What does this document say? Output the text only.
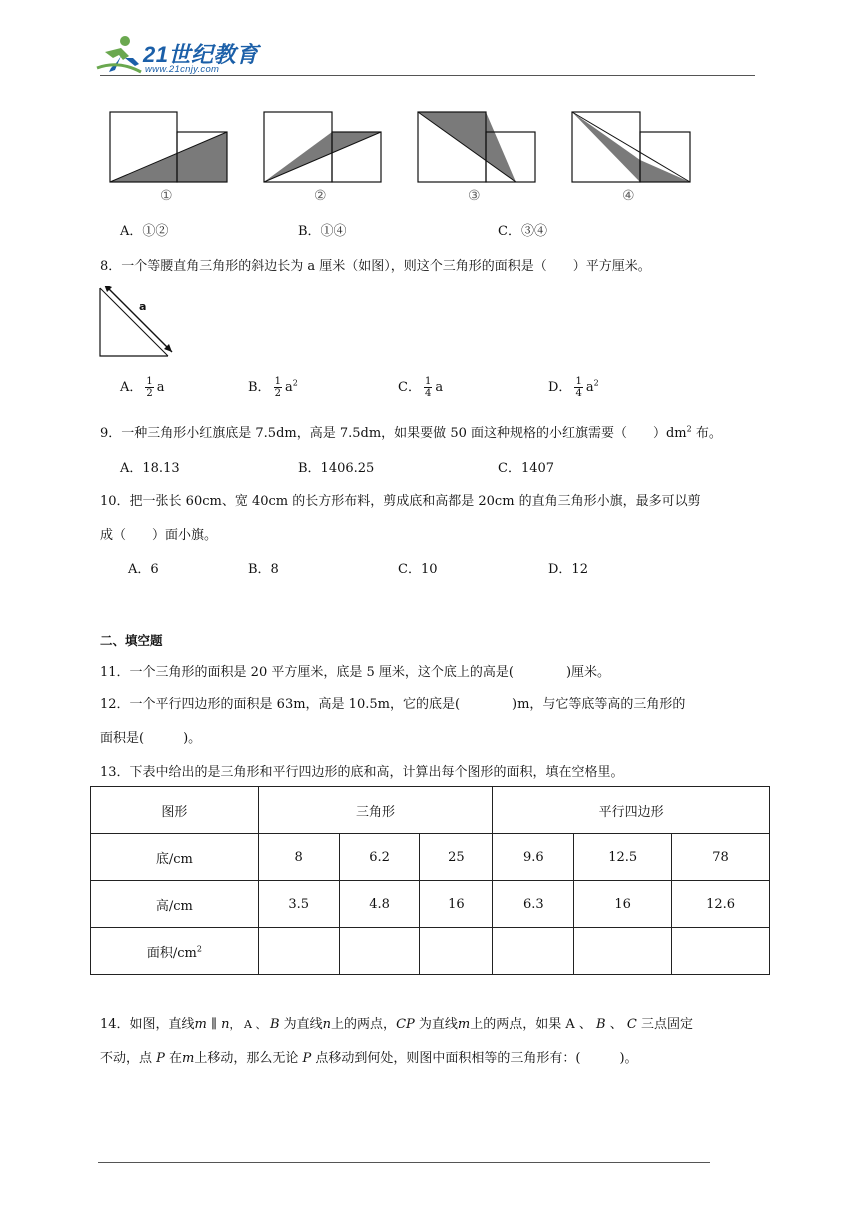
21世纪教育
www.21cnjy.com
①	②	③	④
A．①②	B．①④	C．③④
8．一个等腰直角三角形的斜边长为 a 厘米（如图），则这个三角形的面积是（　　）平方厘米。
a
A． $\frac{1}{2}$ a	B． $\frac{1}{2} a^2$	C． $\frac{1}{4}$ a	D． $\frac{1}{4} a^2$
9．一种三角形小红旗底是 7.5dm，高是 7.5dm，如果要做 50 面这种规格的小红旗需要（　　）$dm^2$ 布。
A．18.13	B．1406.25	C．1407
10．把一张长 60cm、宽 40cm 的长方形布料，剪成底和高都是 20cm 的直角三角形小旗，最多可以剪
成（　　）面小旗。
A．6	B．8	C．10	D．12
二、填空题
11．一个三角形的面积是 20 平方厘米，底是 5 厘米，这个底上的高是(　　　　)厘米。
12．一个平行四边形的面积是 63m，高是 10.5m，它的底是(　　　　)m，与它等底等高的三角形的
面积是(　　　)。
13．下表中给出的是三角形和平行四边形的底和高，计算出每个图形的面积，填在空格里。
图形	三角形			平行四边形		
底/cm	8	6.2	25	9.6	12.5	78
高/cm	3.5	4.8	16	6.3	16	12.6
面积$/cm^2$						
14．如图，直线m ∥ n， A 、 B 为直线n上的两点，CP 为直线m上的两点，如果 A 、 B 、 C 三点固定
不动，点 P 在m上移动，那么无论 P 点移动到何处，则图中面积相等的三角形有：(　　　)。
